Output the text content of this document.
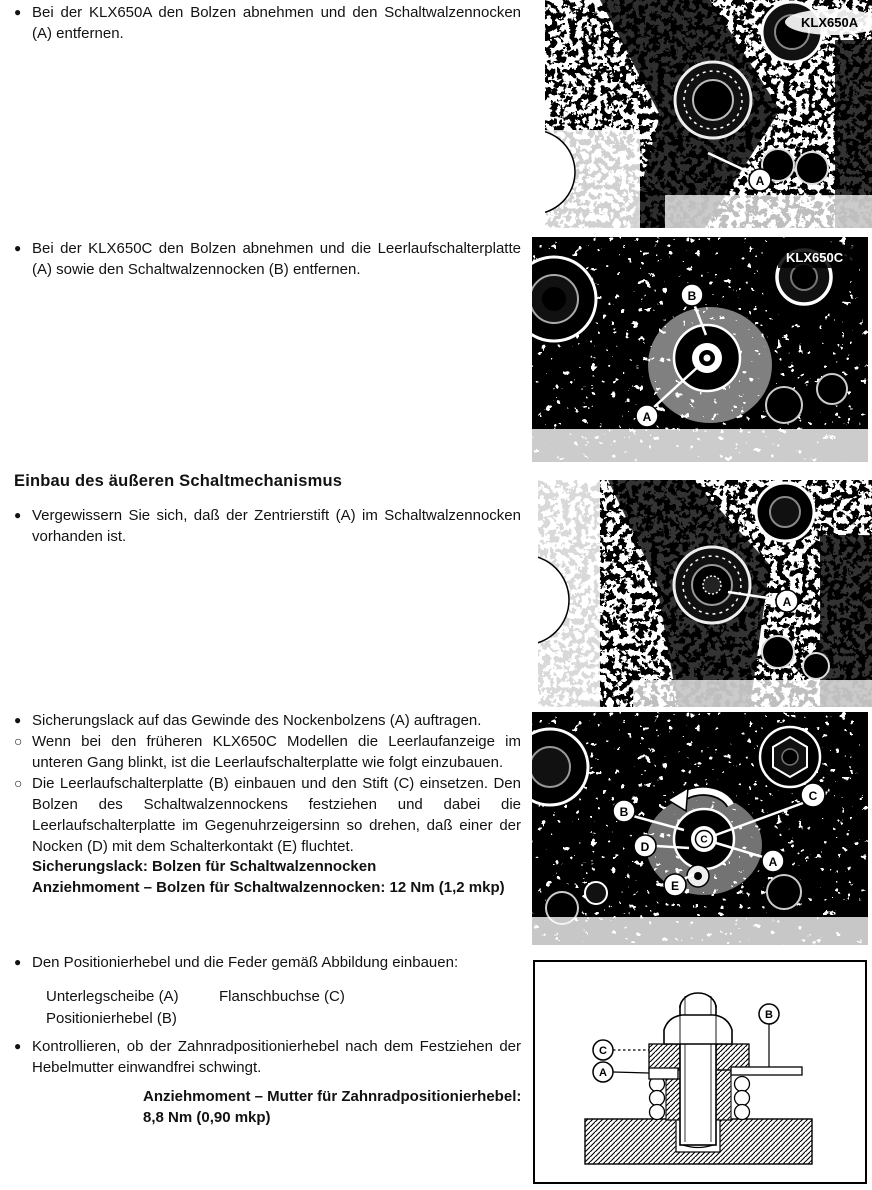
● Bei der KLX650A den Bolzen abnehmen und den Schaltwalzennocken (A) entfernen.

● Bei der KLX650C den Bolzen abnehmen und die Leerlaufschalterplatte (A) sowie den Schaltwalzennocken (B) entfernen.

Einbau des äußeren Schaltmechanismus

● Vergewissern Sie sich, daß der Zentrierstift (A) im Schaltwalzennocken vorhanden ist.

● Sicherungslack auf das Gewinde des Nockenbolzens (A) auftragen.

○ Wenn bei den früheren KLX650C Modellen die Leerlaufanzeige im unteren Gang blinkt, ist die Leerlaufschalterplatte wie folgt einzubauen.

○ Die Leerlaufschalterplatte (B) einbauen und den Stift (C) einsetzen. Den Bolzen des Schaltwalzennockens festziehen und dabei die Leerlaufschalterplatte im Gegenuhrzeigersinn so drehen, daß einer der Nocken (D) mit dem Schalterkontakt (E) fluchtet.

Sicherungslack: Bolzen für Schaltwalzennocken
Anziehmoment – Bolzen für Schaltwalzennocken: 12 Nm (1,2 mkp)

● Den Positionierhebel und die Feder gemäß Abbildung einbauen:

Unterlegscheibe (A)	Flanschbuchse (C)
Positionierhebel (B)

● Kontrollieren, ob der Zahnradpositionierhebel nach dem Festziehen der Hebelmutter einwandfrei schwingt.

Anziehmoment – Mutter für Zahnradpositionierhebel:
8,8 Nm (0,90 mkp)
KLX650A
A
KLX650C
B
A
A
C
B
D
E
C
A
C
A
B
